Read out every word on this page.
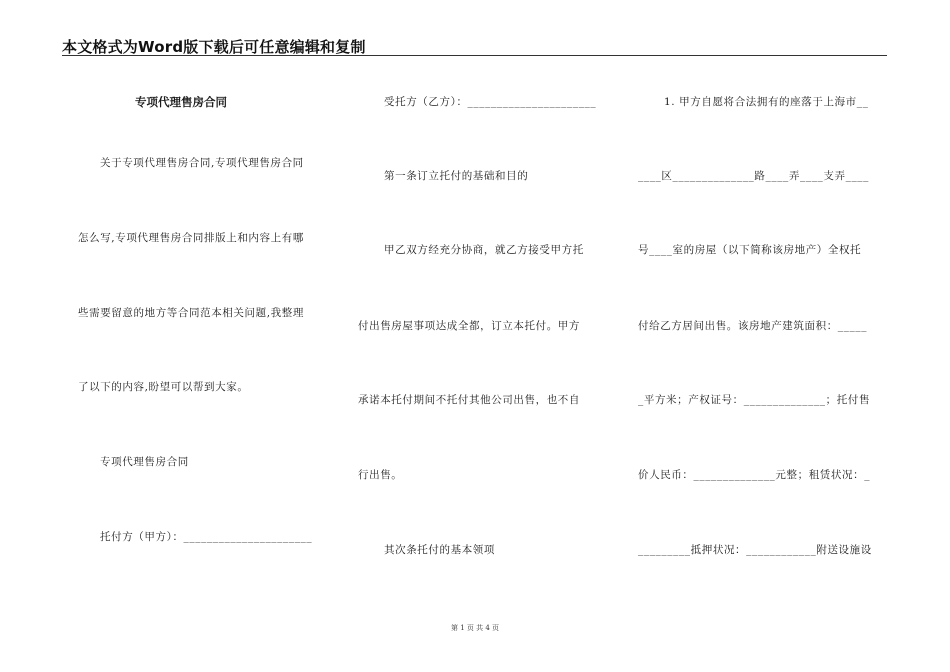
本文格式为Word版下载后可任意编辑和复制
专项代理售房合同
关于专项代理售房合同,专项代理售房合同
怎么写,专项代理售房合同排版上和内容上有哪
些需要留意的地方等合同范本相关问题,我整理
了以下的内容,盼望可以帮到大家。
专项代理售房合同
托付方（甲方）：______________________
受托方（乙方）：______________________
第一条订立托付的基础和目的
甲乙双方经充分协商，就乙方接受甲方托
付出售房屋事项达成全都，订立本托付。甲方
承诺本托付期间不托付其他公司出售，也不自
行出售。
其次条托付的基本领项
1. 甲方自愿将合法拥有的座落于上海市__
____区______________路____弄____支弄____
号____室的房屋（以下简称该房地产）全权托
付给乙方居间出售。该房地产建筑面积：_____
_平方米；产权证号：______________；托付售
价人民币：______________元整；租赁状况：_
_________抵押状况：____________附送设施设
第 1 页 共 4 页
